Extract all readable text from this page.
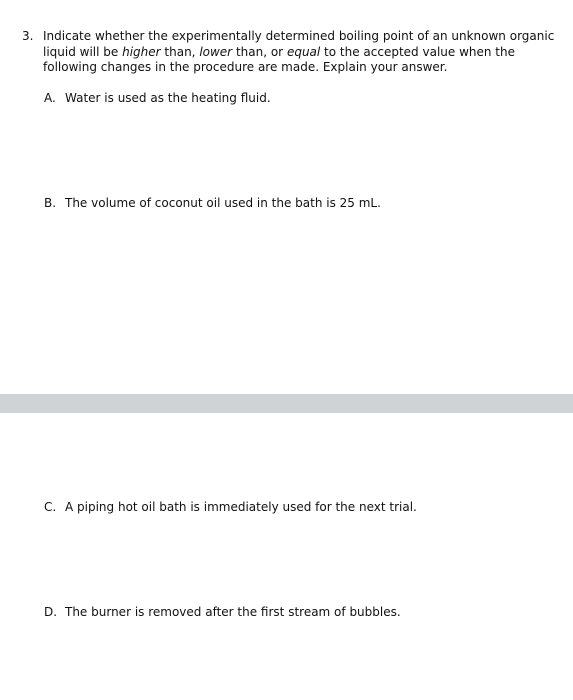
3. Indicate whether the experimentally determined boiling point of an unknown organic liquid will be higher than, lower than, or equal to the accepted value when the following changes in the procedure are made. Explain your answer.
A. Water is used as the heating fluid.
B. The volume of coconut oil used in the bath is 25 mL.
C. A piping hot oil bath is immediately used for the next trial.
D. The burner is removed after the first stream of bubbles.
